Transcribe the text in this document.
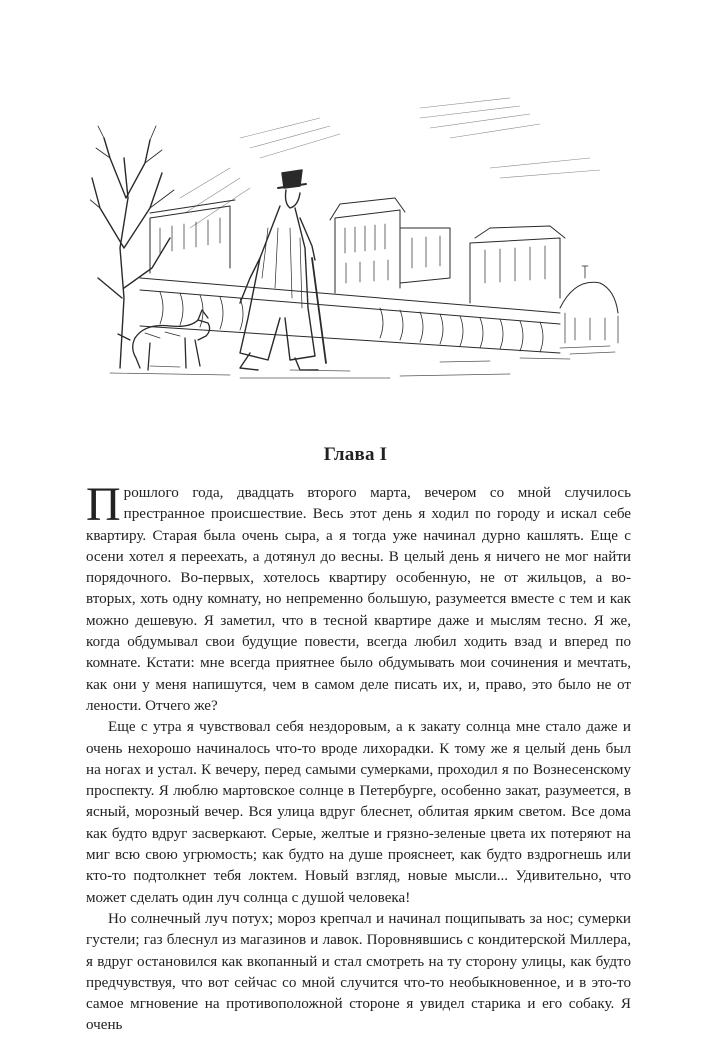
Глава I

Прошлого года, двадцать второго марта, вечером со мной случилось престранное происшествие. Весь этот день я ходил по городу и искал себе квартиру. Старая была очень сыра, а я тогда уже начинал дурно кашлять. Еще с осени хотел я переехать, а дотянул до весны. В целый день я ничего не мог найти порядочного. Во-первых, хотелось квартиру особенную, не от жильцов, а во-вторых, хоть одну комнату, но непременно большую, разумеется вместе с тем и как можно дешевую. Я заметил, что в тесной квартире даже и мыслям тесно. Я же, когда обдумывал свои будущие повести, всегда любил ходить взад и вперед по комнате. Кстати: мне всегда приятнее было обдумывать мои сочинения и мечтать, как они у меня напишутся, чем в самом деле писать их, и, право, это было не от лености. Отчего же?

Еще с утра я чувствовал себя нездоровым, а к закату солнца мне стало даже и очень нехорошо начиналось что-то вроде лихорадки. К тому же я целый день был на ногах и устал. К вечеру, перед самыми сумерками, проходил я по Вознесенскому проспекту. Я люблю мартовское солнце в Петербурге, особенно закат, разумеется, в ясный, морозный вечер. Вся улица вдруг блеснет, облитая ярким светом. Все дома как будто вдруг засверкают. Серые, желтые и грязно-зеленые цвета их потеряют на миг всю свою угрюмость; как будто на душе прояснеет, как будто вздрогнешь или кто-то подтолкнет тебя локтем. Новый взгляд, новые мысли... Удивительно, что может сделать один луч солнца с душой человека!

Но солнечный луч потух; мороз крепчал и начинал пощипывать за нос; сумерки густели; газ блеснул из магазинов и лавок. Поровнявшись с кондитерской Миллера, я вдруг остановился как вкопанный и стал смотреть на ту сторону улицы, как будто предчувствуя, что вот сейчас со мной случится что-то необыкновенное, и в это-то самое мгновение на противоположной стороне я увидел старика и его собаку. Я очень
